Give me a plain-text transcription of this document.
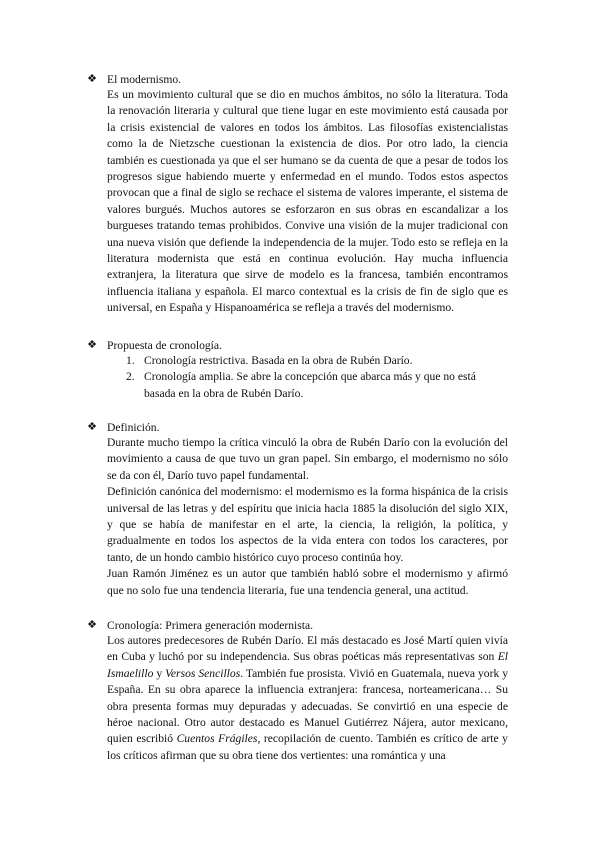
❖ El modernismo.

Es un movimiento cultural que se dio en muchos ámbitos, no sólo la literatura. Toda la renovación literaria y cultural que tiene lugar en este movimiento está causada por la crisis existencial de valores en todos los ámbitos. Las filosofías existencialistas como la de Nietzsche cuestionan la existencia de dios. Por otro lado, la ciencia también es cuestionada ya que el ser humano se da cuenta de que a pesar de todos los progresos sigue habiendo muerte y enfermedad en el mundo. Todos estos aspectos provocan que a final de siglo se rechace el sistema de valores imperante, el sistema de valores burgués. Muchos autores se esforzaron en sus obras en escandalizar a los burgueses tratando temas prohibidos. Convive una visión de la mujer tradicional con una nueva visión que defiende la independencia de la mujer. Todo esto se refleja en la literatura modernista que está en continua evolución. Hay mucha influencia extranjera, la literatura que sirve de modelo es la francesa, también encontramos influencia italiana y española. El marco contextual es la crisis de fin de siglo que es universal, en España y Hispanoamérica se refleja a través del modernismo.

❖ Propuesta de cronología.
1. Cronología restrictiva. Basada en la obra de Rubén Darío.
2. Cronología amplia. Se abre la concepción que abarca más y que no está basada en la obra de Rubén Darío.
❖ Definición.

Durante mucho tiempo la crítica vinculó la obra de Rubén Darío con la evolución del movimiento a causa de que tuvo un gran papel. Sin embargo, el modernismo no sólo se da con él, Darío tuvo papel fundamental.

Definición canónica del modernismo: el modernismo es la forma hispánica de la crisis universal de las letras y del espíritu que inicia hacia 1885 la disolución del siglo XIX, y que se había de manifestar en el arte, la ciencia, la religión, la política, y gradualmente en todos los aspectos de la vida entera con todos los caracteres, por tanto, de un hondo cambio histórico cuyo proceso continúa hoy.

Juan Ramón Jiménez es un autor que también habló sobre el modernismo y afirmó que no solo fue una tendencia literaria, fue una tendencia general, una actitud.

❖ Cronología: Primera generación modernista.

Los autores predecesores de Rubén Darío. El más destacado es José Martí quien vivía en Cuba y luchó por su independencia. Sus obras poéticas más representativas son El Ismaelillo y Versos Sencillos. También fue prosista. Vivió en Guatemala, nueva york y España. En su obra aparece la influencia extranjera: francesa, norteamericana… Su obra presenta formas muy depuradas y adecuadas. Se convirtió en una especie de héroe nacional. Otro autor destacado es Manuel Gutiérrez Nájera, autor mexicano, quien escribió Cuentos Frágiles, recopilación de cuento. También es crítico de arte y los críticos afirman que su obra tiene dos vertientes: una romántica y una
